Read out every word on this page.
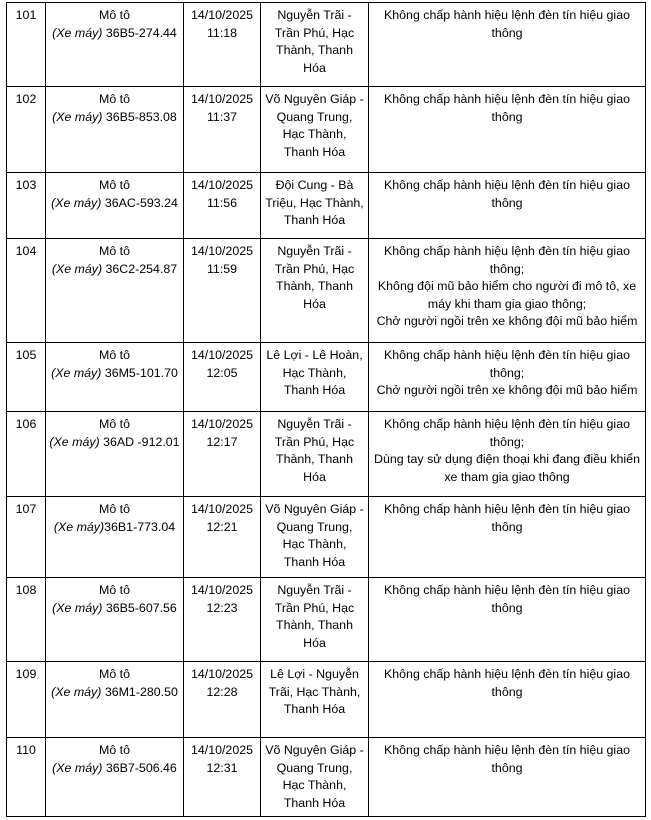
101	Mô tô
(Xe máy) 36B5-274.44	14/10/2025
11:18	Nguyễn Trãi - Trần Phú, Hạc Thành, Thanh Hóa	Không chấp hành hiệu lệnh đèn tín hiệu giao thông

102	Mô tô
(Xe máy) 36B5-853.08	14/10/2025
11:37	Võ Nguyên Giáp - Quang Trung, Hạc Thành, Thanh Hóa	Không chấp hành hiệu lệnh đèn tín hiệu giao thông

103	Mô tô
(Xe máy) 36AC-593.24	14/10/2025
11:56	Đội Cung - Bà Triệu, Hạc Thành, Thanh Hóa	Không chấp hành hiệu lệnh đèn tín hiệu giao thông

104	Mô tô
(Xe máy) 36C2-254.87	14/10/2025
11:59	Nguyễn Trãi - Trần Phú, Hạc Thành, Thanh Hóa	Không chấp hành hiệu lệnh đèn tín hiệu giao thông;
Không đội mũ bảo hiểm cho người đi mô tô, xe máy khi tham gia giao thông;
Chở người ngồi trên xe không đội mũ bảo hiểm

105	Mô tô
(Xe máy) 36M5-101.70	14/10/2025
12:05	Lê Lợi - Lê Hoàn, Hạc Thành, Thanh Hóa	Không chấp hành hiệu lệnh đèn tín hiệu giao thông;
Chở người ngồi trên xe không đội mũ bảo hiểm

106	Mô tô
(Xe máy) 36AD -912.01	14/10/2025
12:17	Nguyễn Trãi - Trần Phú, Hạc Thành, Thanh Hóa	Không chấp hành hiệu lệnh đèn tín hiệu giao thông;
Dùng tay sử dụng điện thoại khi đang điều khiển xe tham gia giao thông

107	Mô tô
(Xe máy)36B1-773.04	14/10/2025
12:21	Võ Nguyên Giáp - Quang Trung, Hạc Thành, Thanh Hóa	Không chấp hành hiệu lệnh đèn tín hiệu giao thông

108	Mô tô
(Xe máy) 36B5-607.56	14/10/2025
12:23	Nguyễn Trãi - Trần Phú, Hạc Thành, Thanh Hóa	Không chấp hành hiệu lệnh đèn tín hiệu giao thông

109	Mô tô
(Xe máy) 36M1-280.50	14/10/2025
12:28	Lê Lợi - Nguyễn Trãi, Hạc Thành, Thanh Hóa	Không chấp hành hiệu lệnh đèn tín hiệu giao thông

110	Mô tô
(Xe máy) 36B7-506.46	14/10/2025
12:31	Võ Nguyên Giáp - Quang Trung, Hạc Thành, Thanh Hóa	Không chấp hành hiệu lệnh đèn tín hiệu giao thông
